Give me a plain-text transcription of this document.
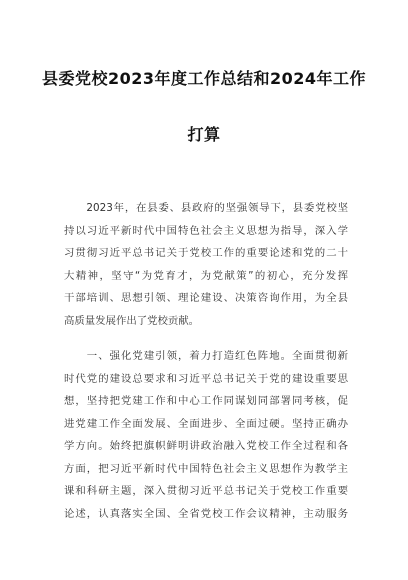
县委党校2023年度工作总结和2024年工作
打算
　　2023年，在县委、县政府的坚强领导下，县委党校坚
持以习近平新时代中国特色社会主义思想为指导，深入学
习贯彻习近平总书记关于党校工作的重要论述和党的二十
大精神，坚守“为党育才，为党献策”的初心，充分发挥
干部培训、思想引领、理论建设、决策咨询作用，为全县
高质量发展作出了党校贡献。
　　一、强化党建引领，着力打造红色阵地。全面贯彻新
时代党的建设总要求和习近平总书记关于党的建设重要思
想，坚持把党建工作和中心工作同谋划同部署同考核，促
进党建工作全面发展、全面进步、全面过硬。坚持正确办
学方向。始终把旗帜鲜明讲政治融入党校工作全过程和各
方面，把习近平新时代中国特色社会主义思想作为教学主
课和科研主题，深入贯彻习近平总书记关于党校工作重要
论述，认真落实全国、全省党校工作会议精神，主动服务
